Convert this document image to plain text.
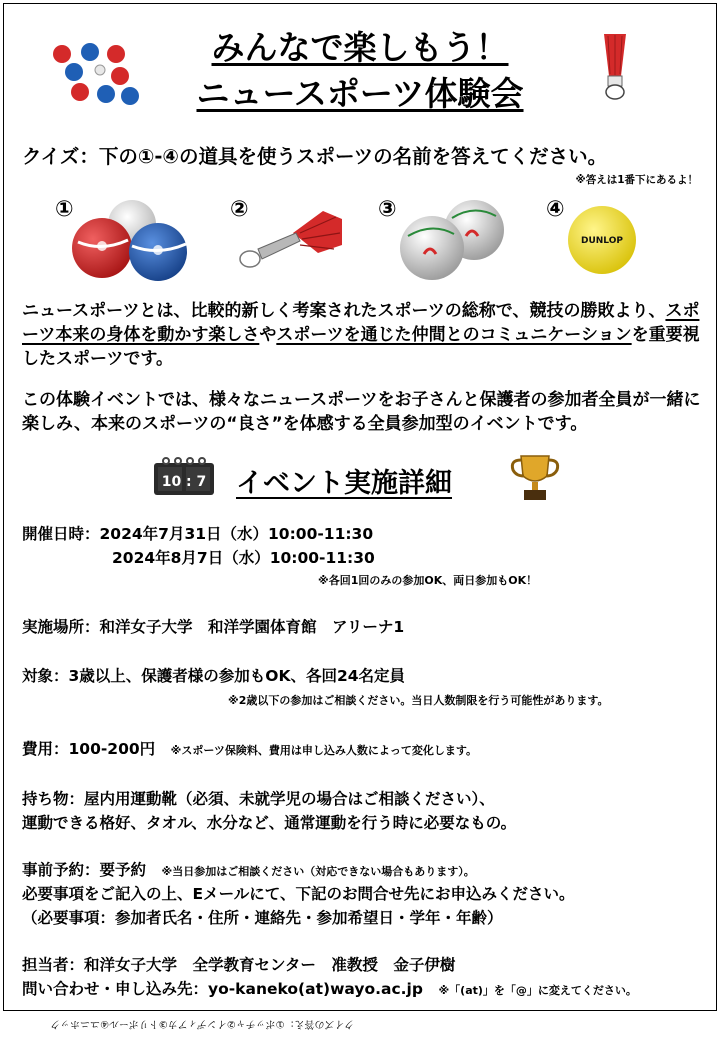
みんなで楽しもう！
ニュースポーツ体験会
クイズ：下の①-④の道具を使うスポーツの名前を答えてください。
※答えは1番下にあるよ！
①	②	③	④
DUNLOP
ニュースポーツとは、比較的新しく考案されたスポーツの総称で、競技の勝敗より、スポーツ本来の身体を動かす楽しさやスポーツを通じた仲間とのコミュニケーションを重要視したスポーツです。
この体験イベントでは、様々なニュースポーツをお子さんと保護者の参加者全員が一緒に楽しみ、本来のスポーツの“良さ”を体感する全員参加型のイベントです。
10 : 7 イベント実施詳細
開催日時：2024年7月31日（水）10:00-11:30
2024年8月7日（水）10:00-11:30
※各回1回のみの参加OK、両日参加もOK！
実施場所：和洋女子大学　和洋学園体育館　アリーナ1
対象：3歳以上、保護者様の参加もOK、各回24名定員
※2歳以下の参加はご相談ください。当日人数制限を行う可能性があります。
費用：100-200円　 ※スポーツ保険料、費用は申し込み人数によって変化します。
持ち物：屋内用運動靴（必須、未就学児の場合はご相談ください）、
運動できる格好、タオル、水分など、通常運動を行う時に必要なもの。
事前予約：要予約　 ※当日参加はご相談ください（対応できない場合もあります）。
必要事項をご記入の上、Eメールにて、下記のお問合せ先にお申込みください。
（必要事項：参加者氏名・住所・連絡先・参加希望日・学年・年齢）
担当者：和洋女子大学　全学教育センター　准教授　金子伊樹
問い合わせ・申し込み先：yo-kaneko(at)wayo.ac.jp　 ※「(at)」を「@」に変えてください。
クイズの答え：①ボッチャ②インディアカ③トリボール④ユニホック
